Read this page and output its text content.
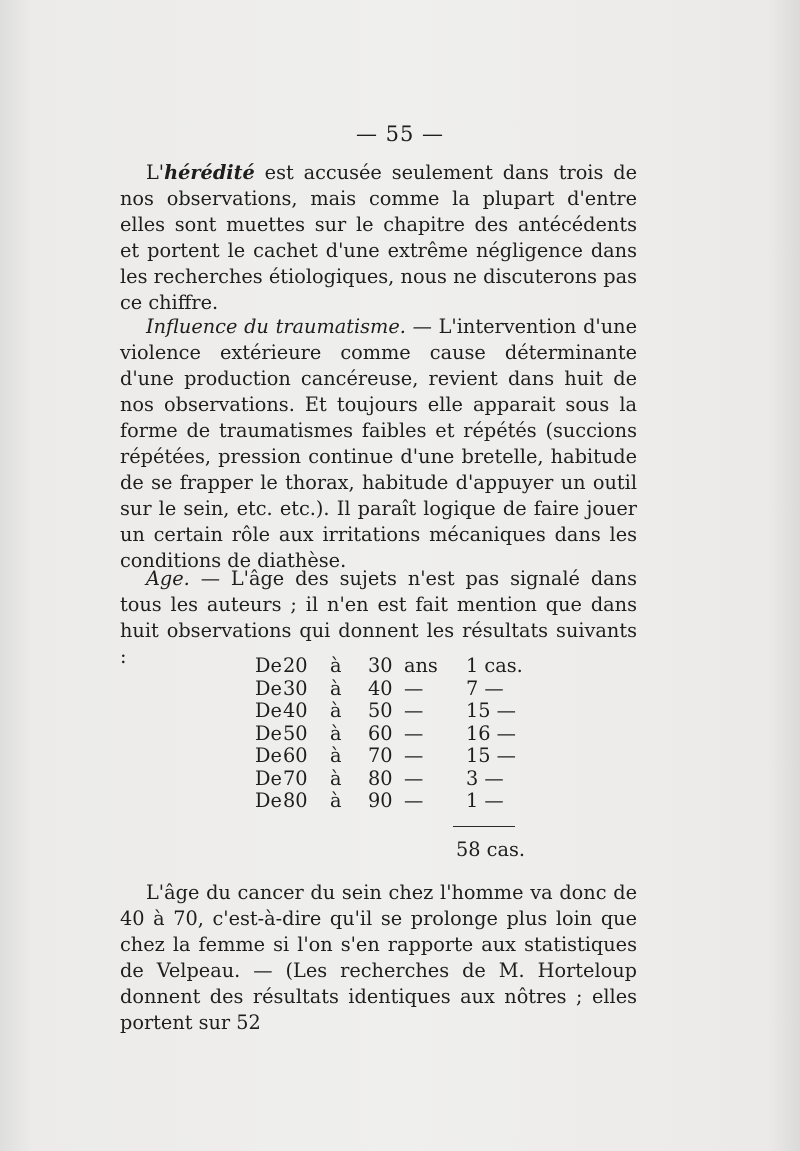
— 55 —

L'hérédité est accusée seulement dans trois de nos observations, mais comme la plupart d'entre elles sont muettes sur le chapitre des antécédents et portent le cachet d'une extrême négligence dans les recherches étiologiques, nous ne discuterons pas ce chiffre.

Influence du traumatisme. — L'intervention d'une violence extérieure comme cause déterminante d'une production cancéreuse, revient dans huit de nos observations. Et toujours elle apparait sous la forme de traumatismes faibles et répétés (succions répétées, pression continue d'une bretelle, habitude de se frapper le thorax, habitude d'appuyer un outil sur le sein, etc. etc.). Il paraît logique de faire jouer un certain rôle aux irritations mécaniques dans les conditions de diathèse.

Age. — L'âge des sujets n'est pas signalé dans tous les auteurs ; il n'en est fait mention que dans huit observations qui donnent les résultats suivants :	De 20 à 30 ans 1 cas.
De 30 à 40 — 7 —
De 40 à 50 — 15 —
De 50 à 60 — 16 —
De 60 à 70 — 15 —
De 70 à 80 — 3 —
De 80 à 90 — 1 —
58 cas.

L'âge du cancer du sein chez l'homme va donc de 40 à 70, c'est-à-dire qu'il se prolonge plus loin que chez la femme si l'on s'en rapporte aux statistiques de Velpeau. — (Les recherches de M. Horteloup donnent des résultats identiques aux nôtres ; elles portent sur 52
